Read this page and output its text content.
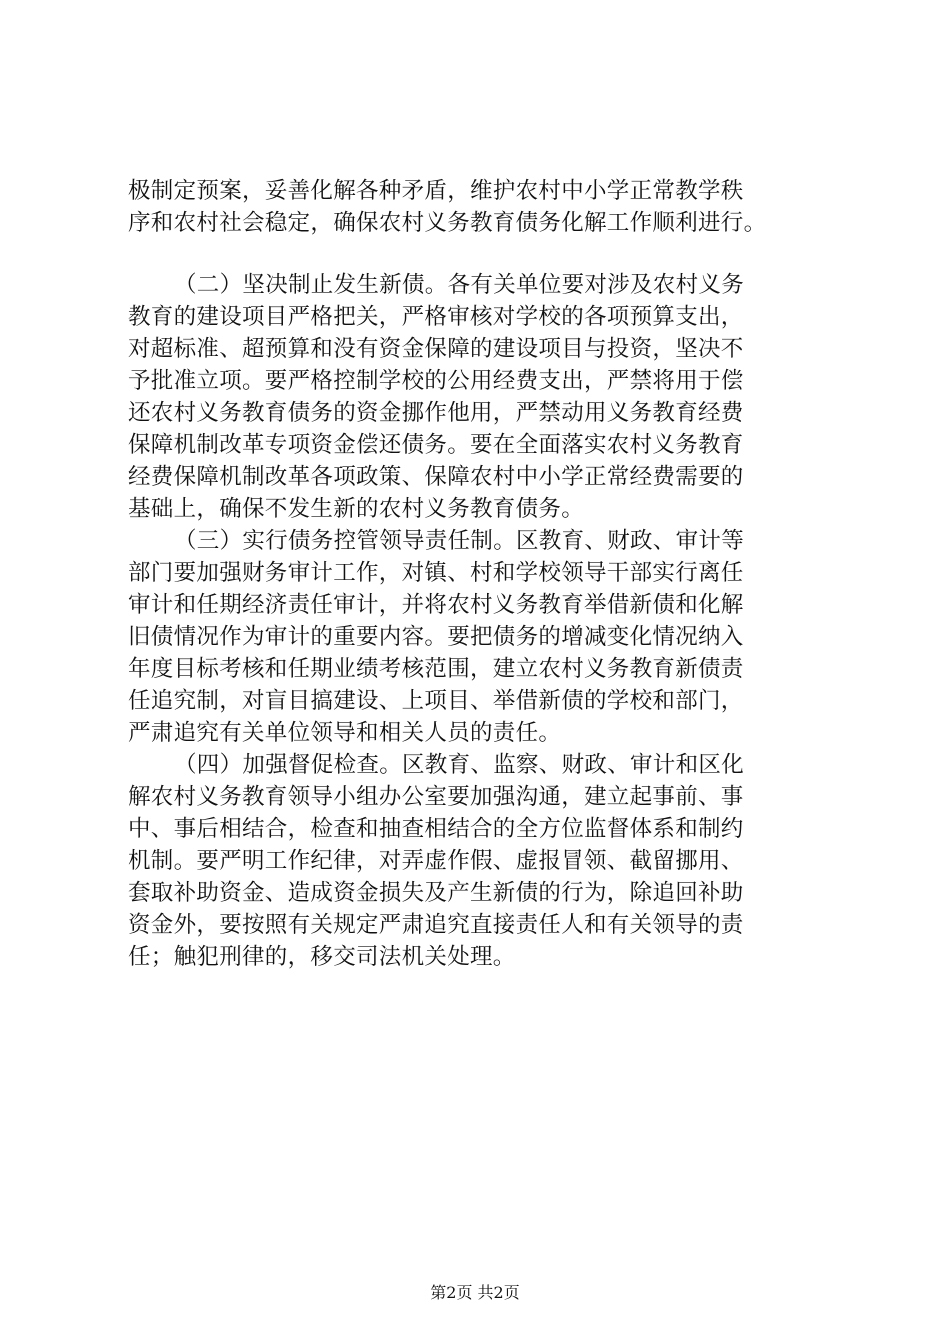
极制定预案，妥善化解各种矛盾，维护农村中小学正常教学秩
序和农村社会稳定，确保农村义务教育债务化解工作顺利进行。
（二）坚决制止发生新债。各有关单位要对涉及农村义务
教育的建设项目严格把关，严格审核对学校的各项预算支出，
对超标准、超预算和没有资金保障的建设项目与投资，坚决不
予批准立项。要严格控制学校的公用经费支出，严禁将用于偿
还农村义务教育债务的资金挪作他用，严禁动用义务教育经费
保障机制改革专项资金偿还债务。要在全面落实农村义务教育
经费保障机制改革各项政策、保障农村中小学正常经费需要的
基础上，确保不发生新的农村义务教育债务。
（三）实行债务控管领导责任制。区教育、财政、审计等
部门要加强财务审计工作，对镇、村和学校领导干部实行离任
审计和任期经济责任审计，并将农村义务教育举借新债和化解
旧债情况作为审计的重要内容。要把债务的增减变化情况纳入
年度目标考核和任期业绩考核范围，建立农村义务教育新债责
任追究制，对盲目搞建设、上项目、举借新债的学校和部门，
严肃追究有关单位领导和相关人员的责任。
（四）加强督促检查。区教育、监察、财政、审计和区化
解农村义务教育领导小组办公室要加强沟通，建立起事前、事
中、事后相结合，检查和抽查相结合的全方位监督体系和制约
机制。要严明工作纪律，对弄虚作假、虚报冒领、截留挪用、
套取补助资金、造成资金损失及产生新债的行为，除追回补助
资金外，要按照有关规定严肃追究直接责任人和有关领导的责
任；触犯刑律的，移交司法机关处理。
第2页 共2页
